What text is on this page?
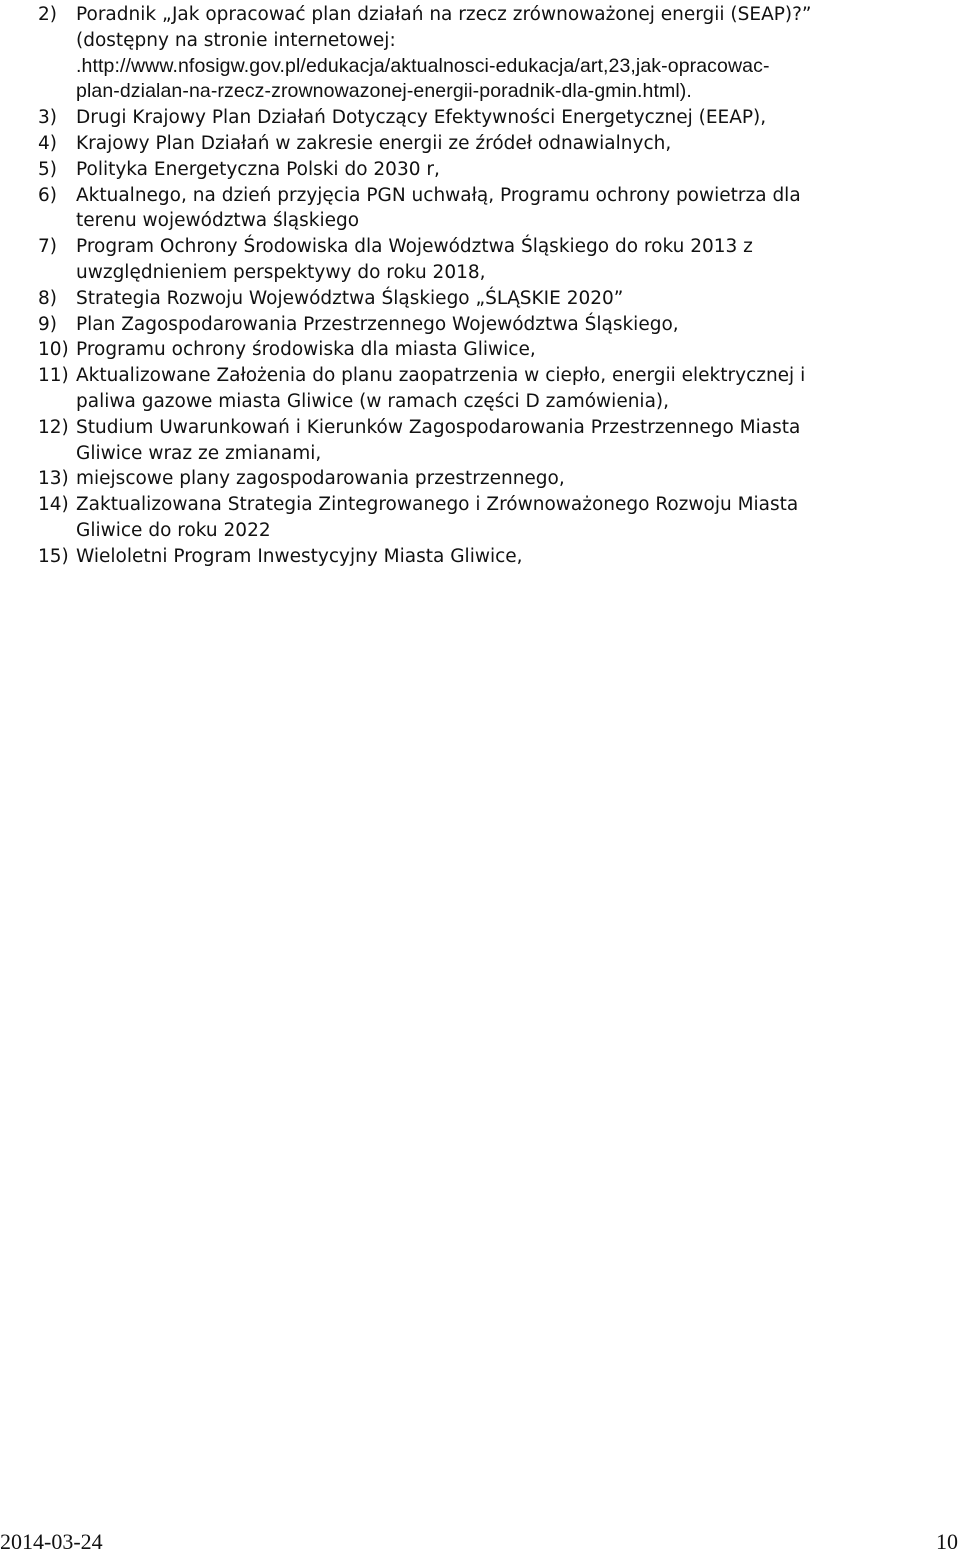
2)	Poradnik „Jak opracować plan działań na rzecz zrównoważonej energii (SEAP)?”
(dostępny na stronie internetowej:
.http://www.nfosigw.gov.pl/edukacja/aktualnosci-edukacja/art,23,jak-opracowac-
plan-dzialan-na-rzecz-zrownowazonej-energii-poradnik-dla-gmin.html).
3)	Drugi Krajowy Plan Działań Dotyczący Efektywności Energetycznej (EEAP),
4)	Krajowy Plan Działań w zakresie energii ze źródeł odnawialnych,
5)	Polityka Energetyczna Polski do 2030 r,
6)	Aktualnego, na dzień przyjęcia PGN uchwałą, Programu ochrony powietrza dla
terenu województwa śląskiego
7)	Program Ochrony Środowiska dla Województwa Śląskiego do roku 2013 z
uwzględnieniem perspektywy do roku 2018,
8)	Strategia Rozwoju Województwa Śląskiego „ŚLĄSKIE 2020”
9)	Plan Zagospodarowania Przestrzennego Województwa Śląskiego,
10) Programu ochrony środowiska dla miasta Gliwice,
11) Aktualizowane Założenia do planu zaopatrzenia w ciepło, energii elektrycznej i
paliwa gazowe miasta Gliwice (w ramach części D zamówienia),
12) Studium Uwarunkowań i Kierunków Zagospodarowania Przestrzennego Miasta
Gliwice wraz ze zmianami,
13) miejscowe plany zagospodarowania przestrzennego,
14) Zaktualizowana Strategia Zintegrowanego i Zrównoważonego Rozwoju Miasta
Gliwice do roku 2022
15) Wieloletni Program Inwestycyjny Miasta Gliwice,
2014-03-24	10
